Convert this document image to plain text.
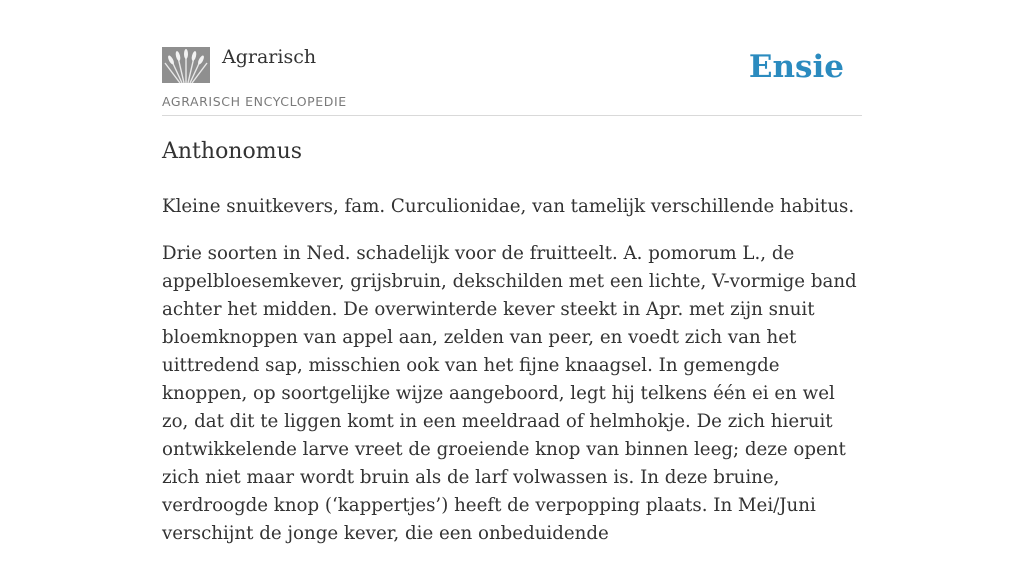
Agrarisch
AGRARISCH ENCYCLOPEDIE
Ensie
Anthonomus

Kleine snuitkevers, fam. Curculionidae, van tamelijk verschillende habitus.

Drie soorten in Ned. schadelijk voor de fruitteelt. A. pomorum L., de appelbloesemkever, grijsbruin, dekschilden met een lichte, V-vormige band achter het midden. De overwinterde kever steekt in Apr. met zijn snuit bloemknoppen van appel aan, zelden van peer, en voedt zich van het uittredend sap, misschien ook van het fijne knaagsel. In gemengde knoppen, op soortgelijke wijze aangeboord, legt hij telkens één ei en wel zo, dat dit te liggen komt in een meeldraad of helmhokje. De zich hieruit ontwikkelende larve vreet de groeiende knop van binnen leeg; deze opent zich niet maar wordt bruin als de larf volwassen is. In deze bruine, verdroogde knop (‘kappertjes’) heeft de verpopping plaats. In Mei/Juni verschijnt de jonge kever, die een onbeduidende
